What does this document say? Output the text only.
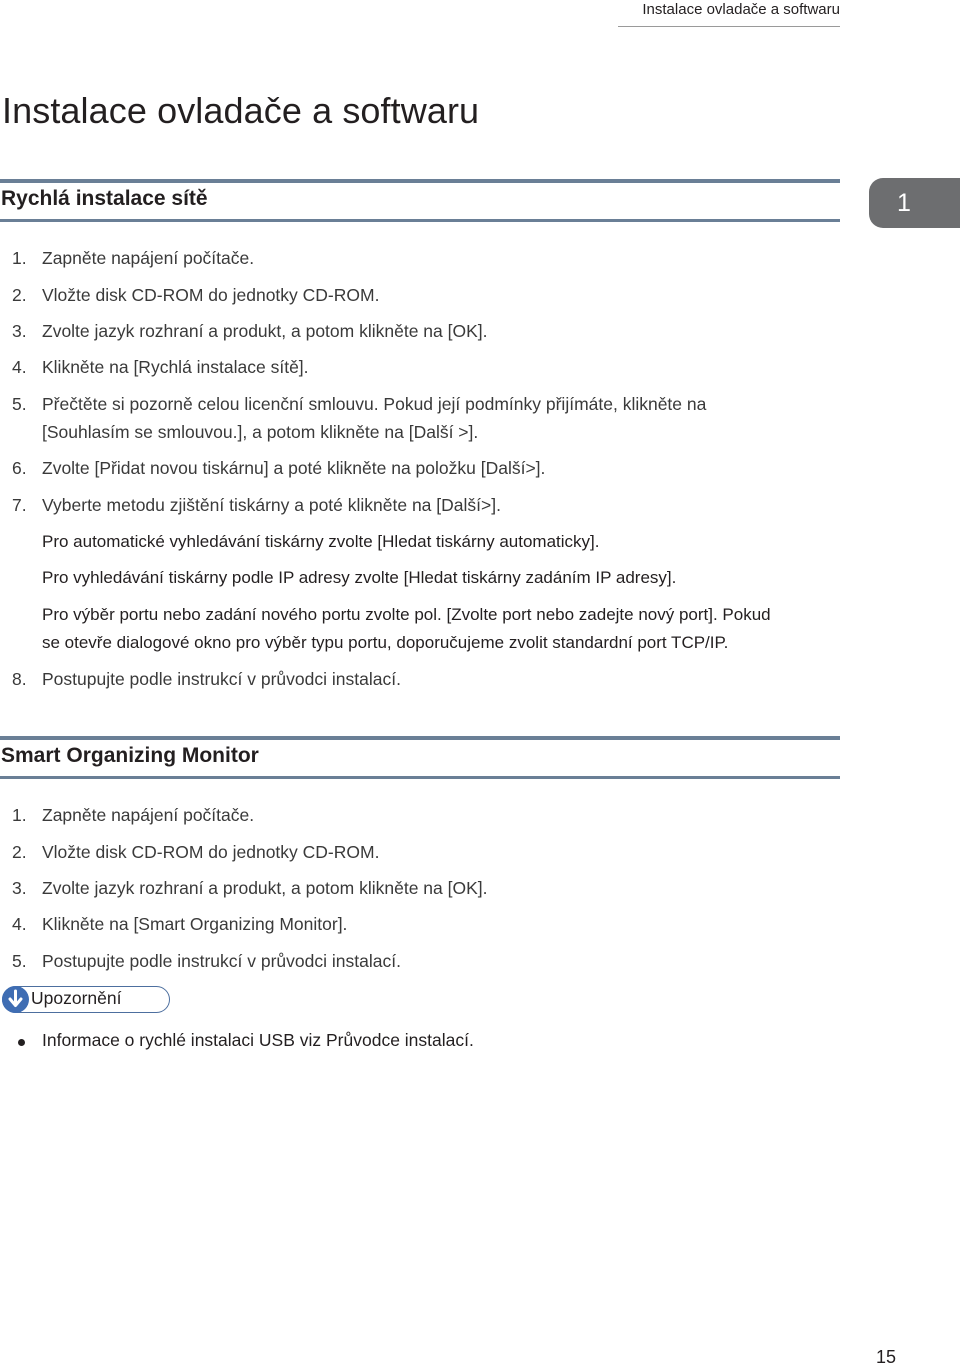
Instalace ovladače a softwaru
Instalace ovladače a softwaru
1
Rychlá instalace sítě
1. Zapněte napájení počítače.
2. Vložte disk CD-ROM do jednotky CD-ROM.
3. Zvolte jazyk rozhraní a produkt, a potom klikněte na [OK].
4. Klikněte na [Rychlá instalace sítě].
5. Přečtěte si pozorně celou licenční smlouvu. Pokud její podmínky přijímáte, klikněte na
[Souhlasím se smlouvou.], a potom klikněte na [Další >].
6. Zvolte [Přidat novou tiskárnu] a poté klikněte na položku [Další>].
7. Vyberte metodu zjištění tiskárny a poté klikněte na [Další>].
Pro automatické vyhledávání tiskárny zvolte [Hledat tiskárny automaticky].
Pro vyhledávání tiskárny podle IP adresy zvolte [Hledat tiskárny zadáním IP adresy].
Pro výběr portu nebo zadání nového portu zvolte pol. [Zvolte port nebo zadejte nový port]. Pokud
se otevře dialogové okno pro výběr typu portu, doporučujeme zvolit standardní port TCP/IP.
8. Postupujte podle instrukcí v průvodci instalací.
Smart Organizing Monitor
1. Zapněte napájení počítače.
2. Vložte disk CD-ROM do jednotky CD-ROM.
3. Zvolte jazyk rozhraní a produkt, a potom klikněte na [OK].
4. Klikněte na [Smart Organizing Monitor].
5. Postupujte podle instrukcí v průvodci instalací.
Upozornění
Informace o rychlé instalaci USB viz Průvodce instalací.
15
